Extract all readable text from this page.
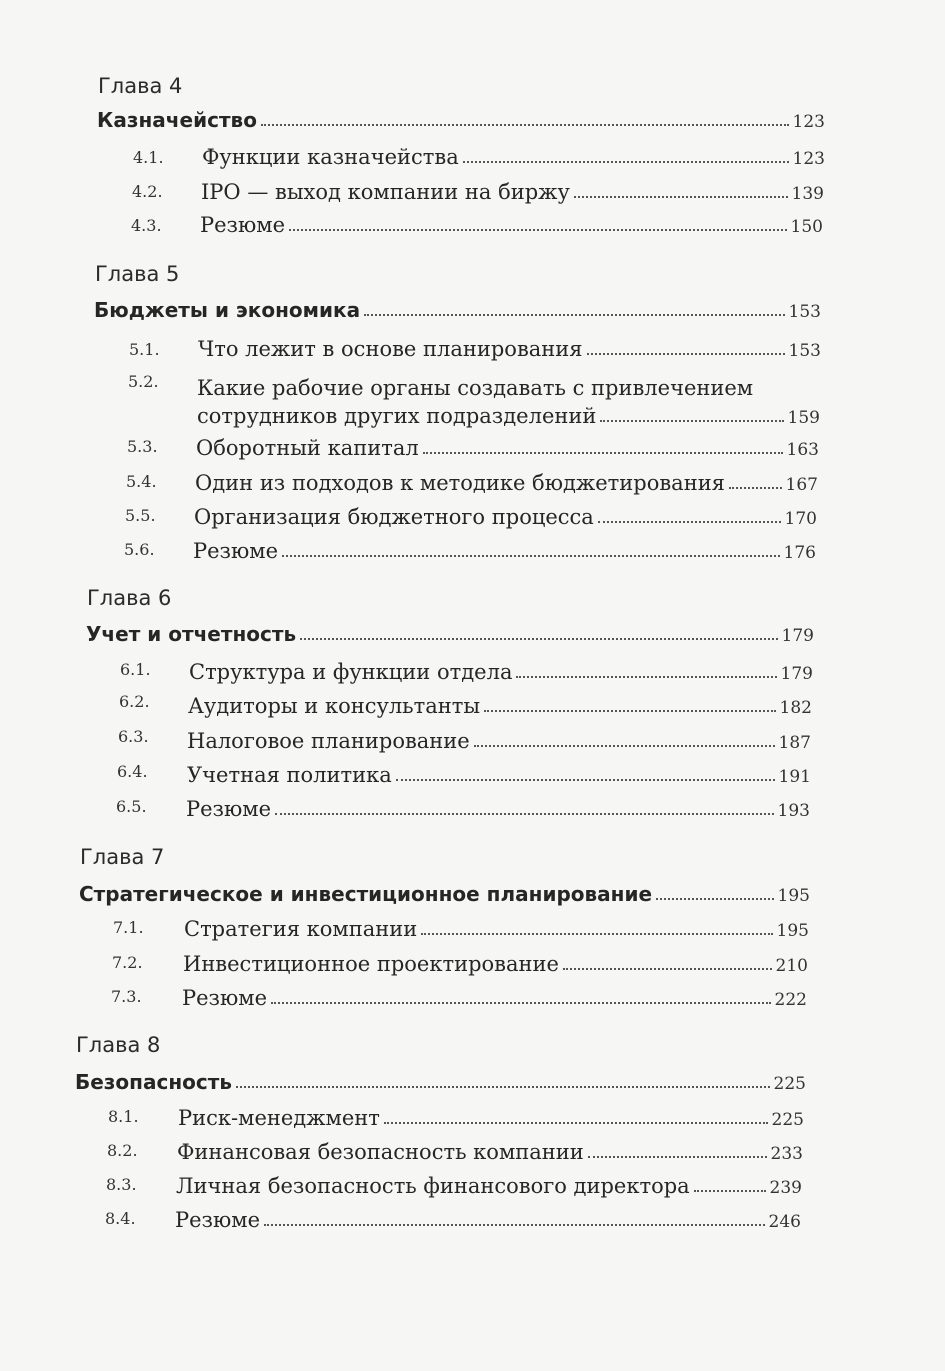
Глава 4
Казначейство	123
4.1. Функции казначейства	123
4.2. IPO — выход компании на биржу	139
4.3. Резюме	150
Глава 5
Бюджеты и экономика	153
5.1. Что лежит в основе планирования	153
5.2. Какие рабочие органы создавать с привлечением
сотрудников других подразделений	159
5.3. Оборотный капитал	163
5.4. Один из подходов к методике бюджетирования	167
5.5. Организация бюджетного процесса	170
5.6. Резюме	176
Глава 6
Учет и отчетность	179
6.1. Структура и функции отдела	179
6.2. Аудиторы и консультанты	182
6.3. Налоговое планирование	187
6.4. Учетная политика	191
6.5. Резюме	193
Глава 7
Стратегическое и инвестиционное планирование	195
7.1. Стратегия компании	195
7.2. Инвестиционное проектирование	210
7.3. Резюме	222
Глава 8
Безопасность	225
8.1. Риск-менеджмент	225
8.2. Финансовая безопасность компании	233
8.3. Личная безопасность финансового директора	239
8.4. Резюме	246
